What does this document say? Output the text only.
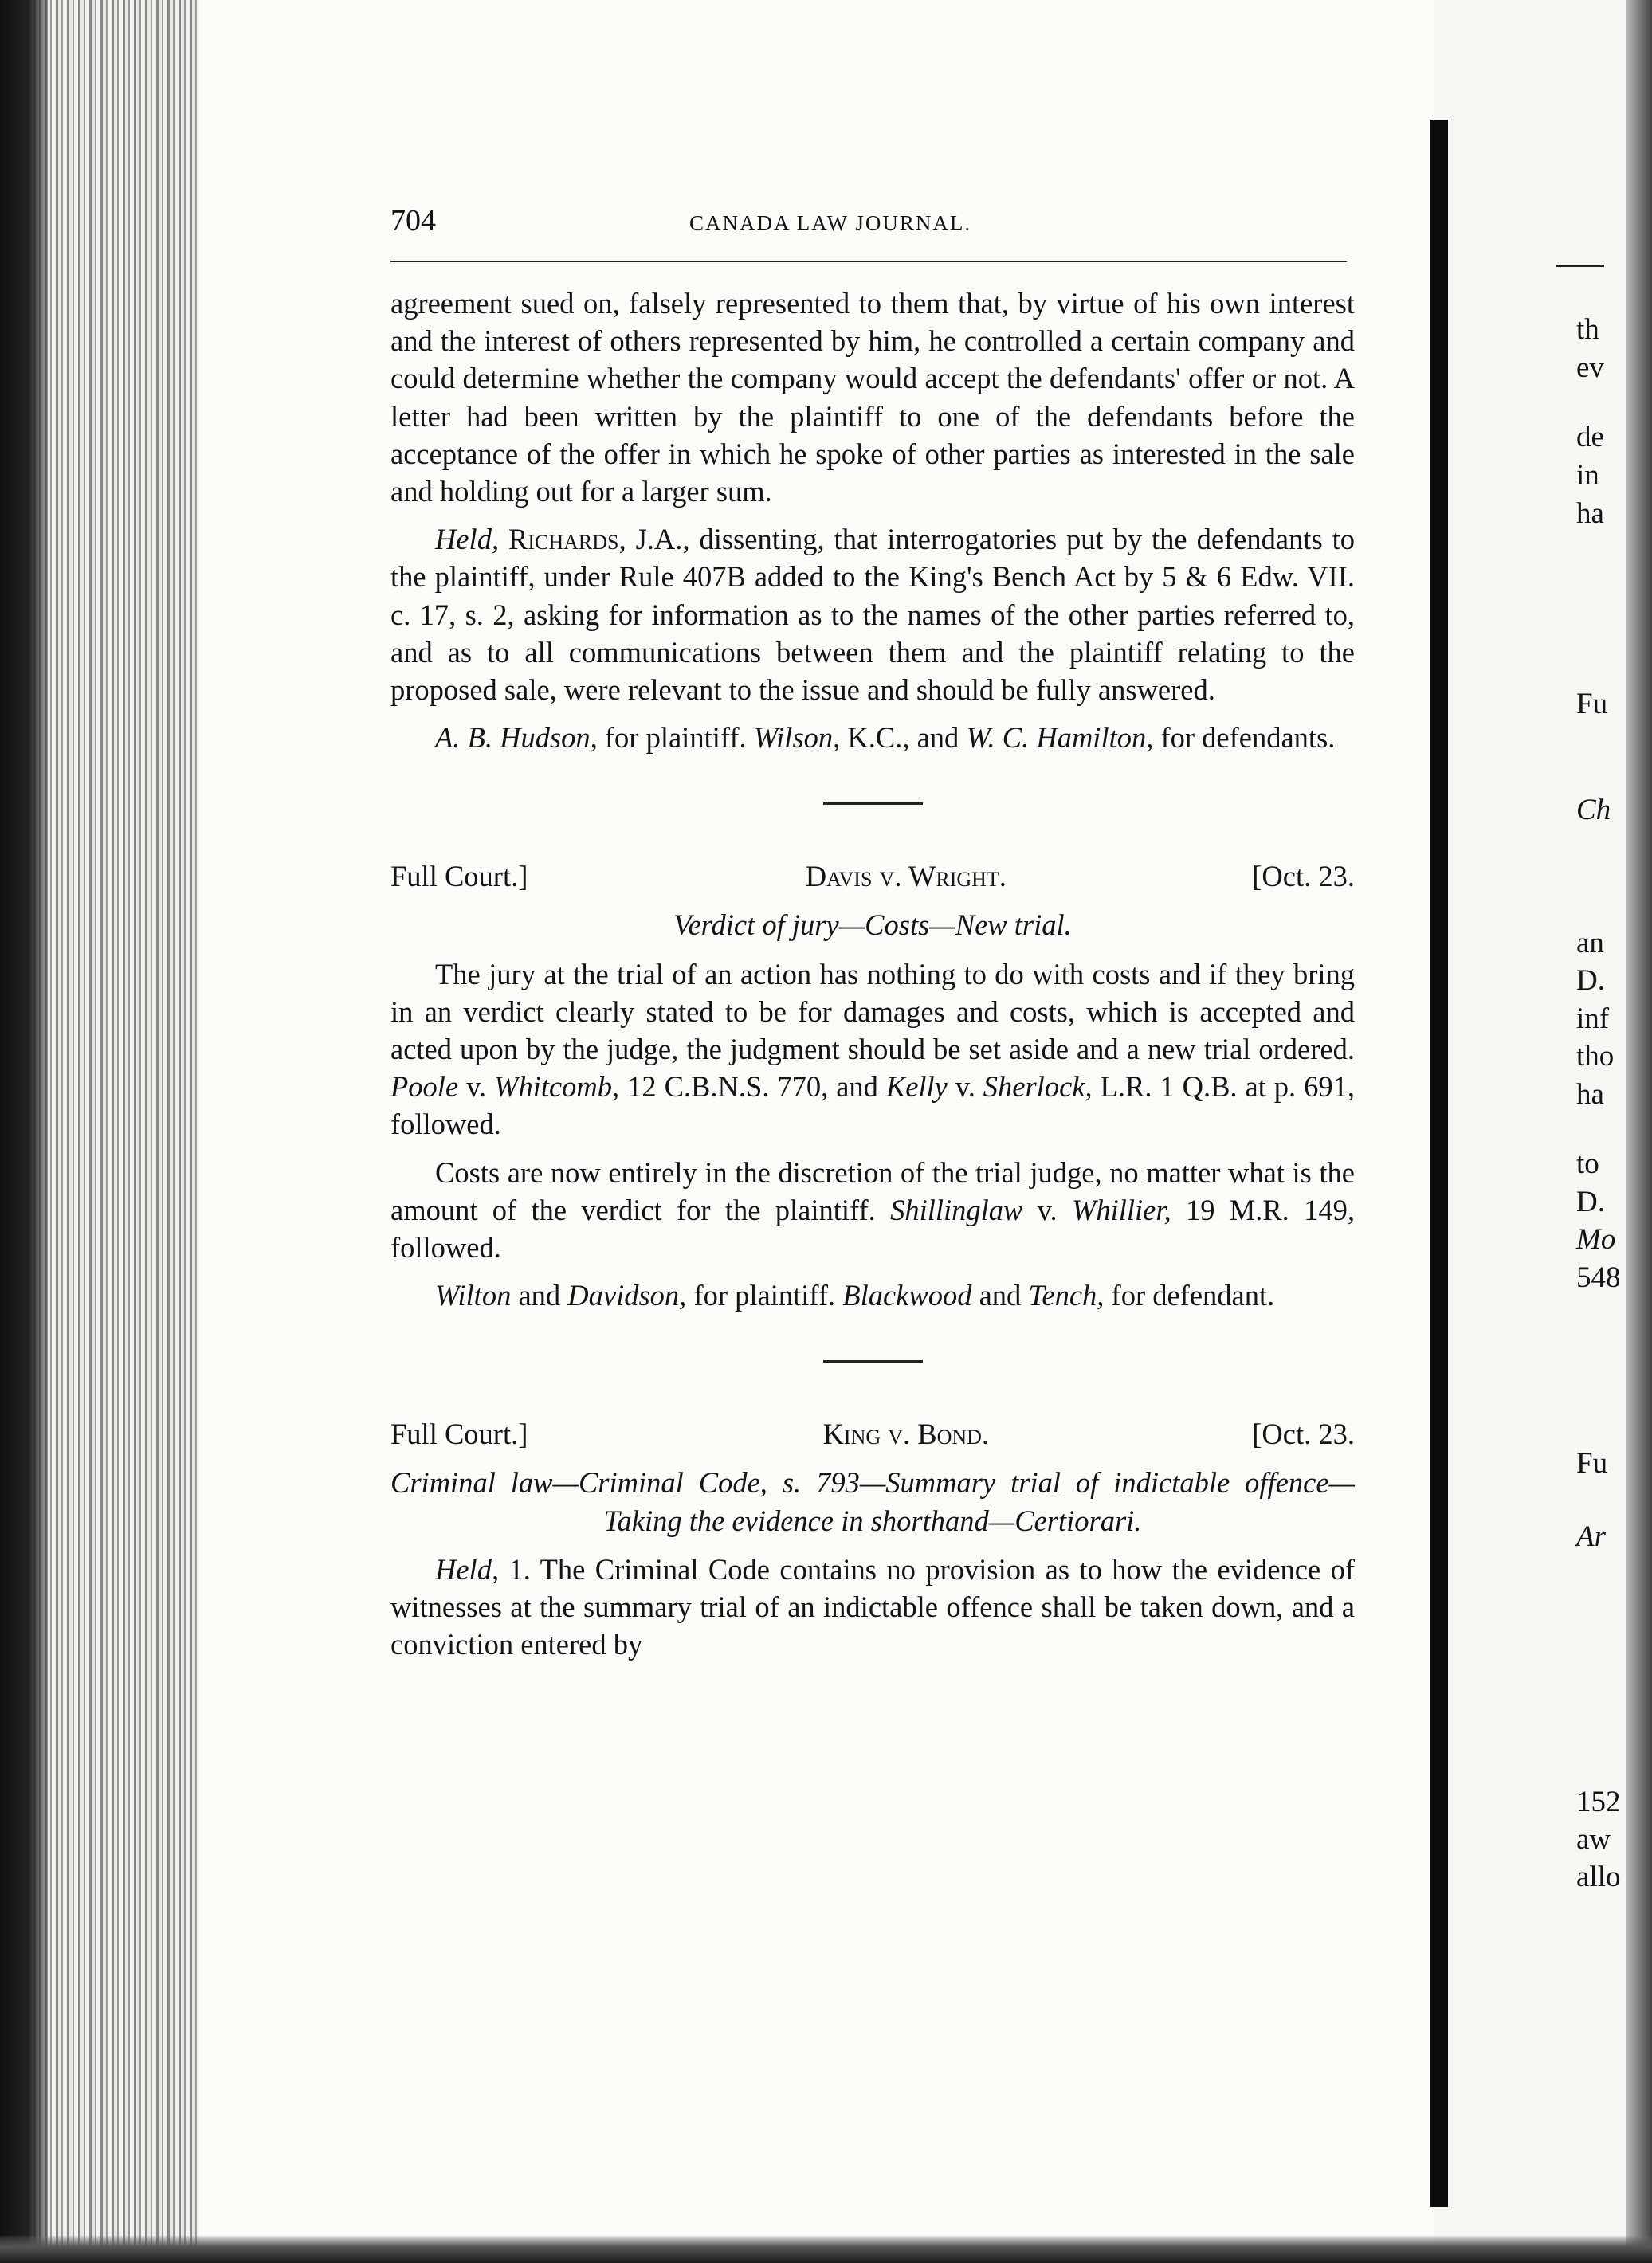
th
ev
de
in
ha
Fu
Ch
an
D.
inf
tho
ha
to
D.
Mo
548
Fu
Ar
152
aw
allo
704	CANADA LAW JOURNAL.

agreement sued on, falsely represented to them that, by virtue of his own interest and the interest of others represented by him, he controlled a certain company and could determine whether the company would accept the defendants' offer or not. A letter had been written by the plaintiff to one of the defendants before the acceptance of the offer in which he spoke of other parties as interested in the sale and holding out for a larger sum.

Held, Richards, J.A., dissenting, that interrogatories put by the defendants to the plaintiff, under Rule 407B added to the King's Bench Act by 5 & 6 Edw. VII. c. 17, s. 2, asking for information as to the names of the other parties referred to, and as to all communications between them and the plaintiff relating to the proposed sale, were relevant to the issue and should be fully answered.

A. B. Hudson, for plaintiff. Wilson, K.C., and W. C. Hamilton, for defendants.

Full Court.]	Davis v. Wright.	[Oct. 23.
Verdict of jury—Costs—New trial.

The jury at the trial of an action has nothing to do with costs and if they bring in an verdict clearly stated to be for damages and costs, which is accepted and acted upon by the judge, the judgment should be set aside and a new trial ordered. Poole v. Whitcomb, 12 C.B.N.S. 770, and Kelly v. Sherlock, L.R. 1 Q.B. at p. 691, followed.

Costs are now entirely in the discretion of the trial judge, no matter what is the amount of the verdict for the plaintiff. Shillinglaw v. Whillier, 19 M.R. 149, followed.

Wilton and Davidson, for plaintiff. Blackwood and Tench, for defendant.

Full Court.]	King v. Bond.	[Oct. 23.
Criminal law—Criminal Code, s. 793—Summary trial of indictable offence—Taking the evidence in shorthand—Certiorari.

Held, 1. The Criminal Code contains no provision as to how the evidence of witnesses at the summary trial of an indictable offence shall be taken down, and a conviction entered by
